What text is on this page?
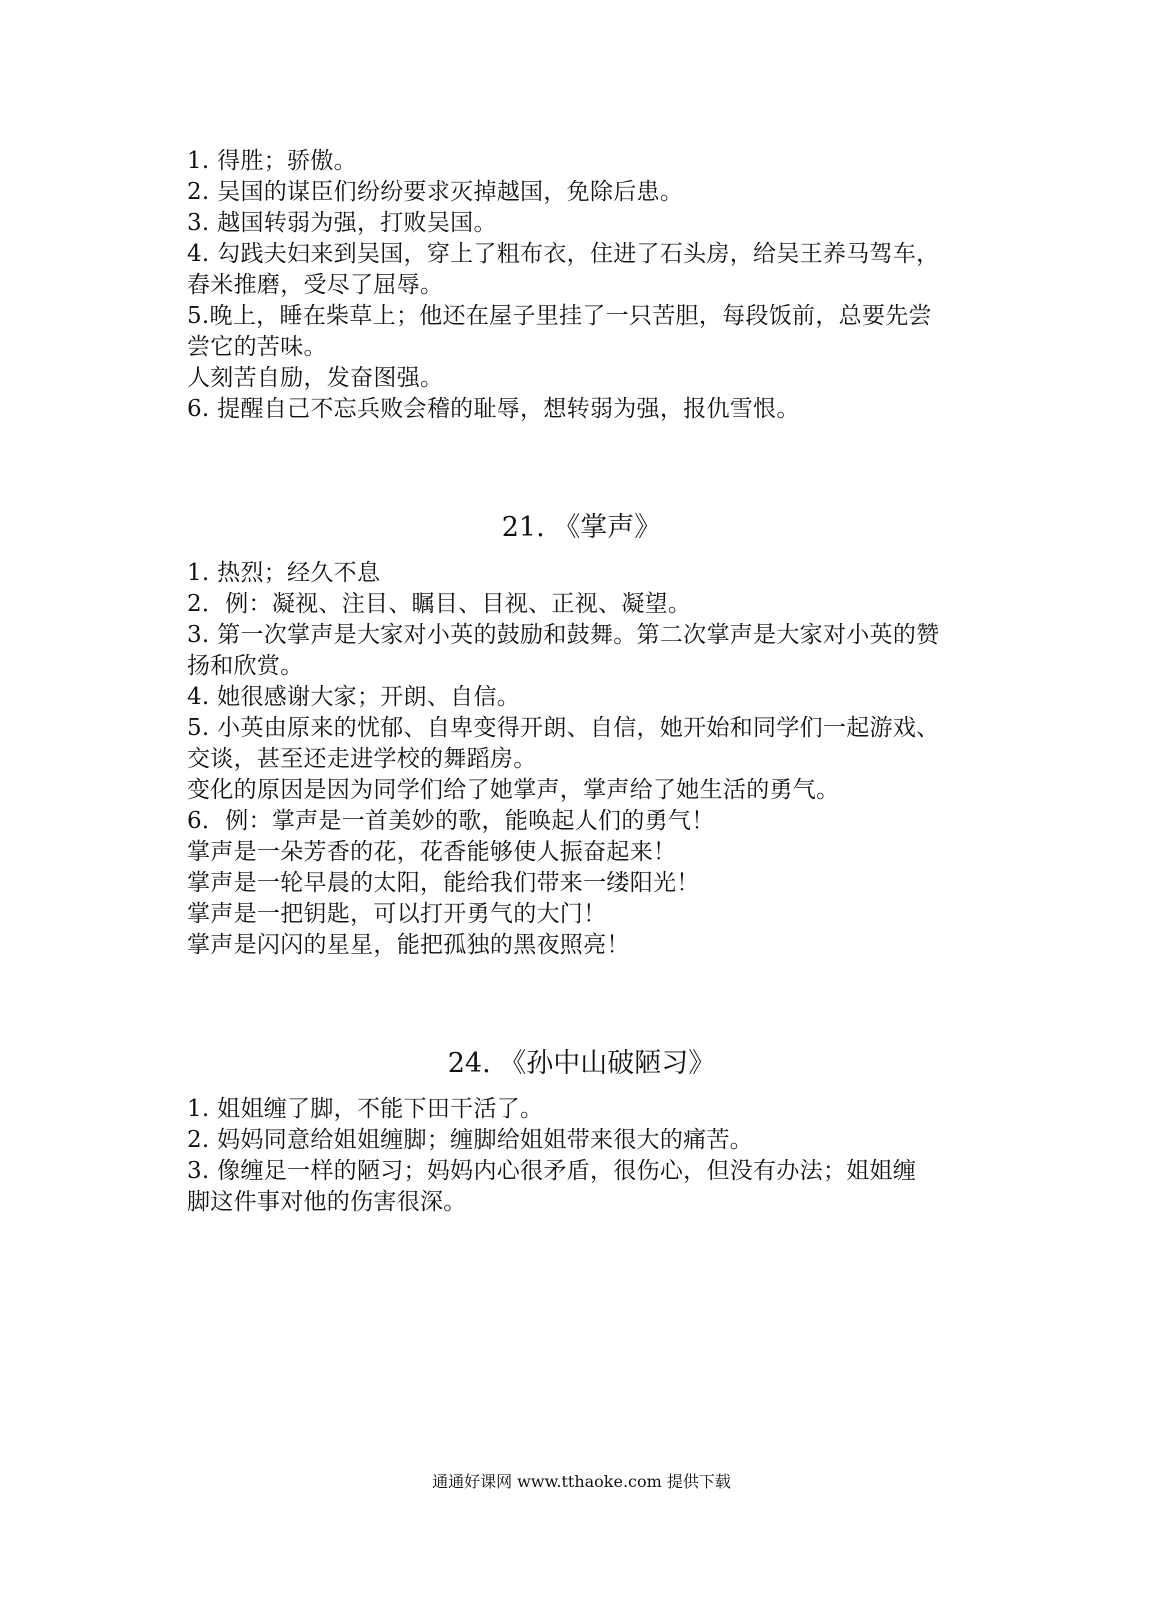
1. 得胜；骄傲。
2. 吴国的谋臣们纷纷要求灭掉越国，免除后患。
3. 越国转弱为强，打败吴国。
4. 勾践夫妇来到吴国，穿上了粗布衣，住进了石头房，给吴王养马驾车，
舂米推磨，受尽了屈辱。
5.晚上，睡在柴草上；他还在屋子里挂了一只苦胆，每段饭前，总要先尝
尝它的苦味。
人刻苦自励，发奋图强。
6. 提醒自己不忘兵败会稽的耻辱，想转弱为强，报仇雪恨。
21. 《掌声》
1. 热烈；经久不息
2．例：凝视、注目、瞩目、目视、正视、凝望。
3. 第一次掌声是大家对小英的鼓励和鼓舞。第二次掌声是大家对小英的赞
扬和欣赏。
4. 她很感谢大家；开朗、自信。
5. 小英由原来的忧郁、自卑变得开朗、自信，她开始和同学们一起游戏、
交谈，甚至还走进学校的舞蹈房。
变化的原因是因为同学们给了她掌声，掌声给了她生活的勇气。
6．例：掌声是一首美妙的歌，能唤起人们的勇气！
掌声是一朵芳香的花，花香能够使人振奋起来！
掌声是一轮早晨的太阳，能给我们带来一缕阳光！
掌声是一把钥匙，可以打开勇气的大门！
掌声是闪闪的星星，能把孤独的黑夜照亮！
24. 《孙中山破陋习》
1. 姐姐缠了脚，不能下田干活了。
2. 妈妈同意给姐姐缠脚；缠脚给姐姐带来很大的痛苦。
3. 像缠足一样的陋习；妈妈内心很矛盾，很伤心，但没有办法；姐姐缠
脚这件事对他的伤害很深。
通通好课网 www.tthaoke.com 提供下载
